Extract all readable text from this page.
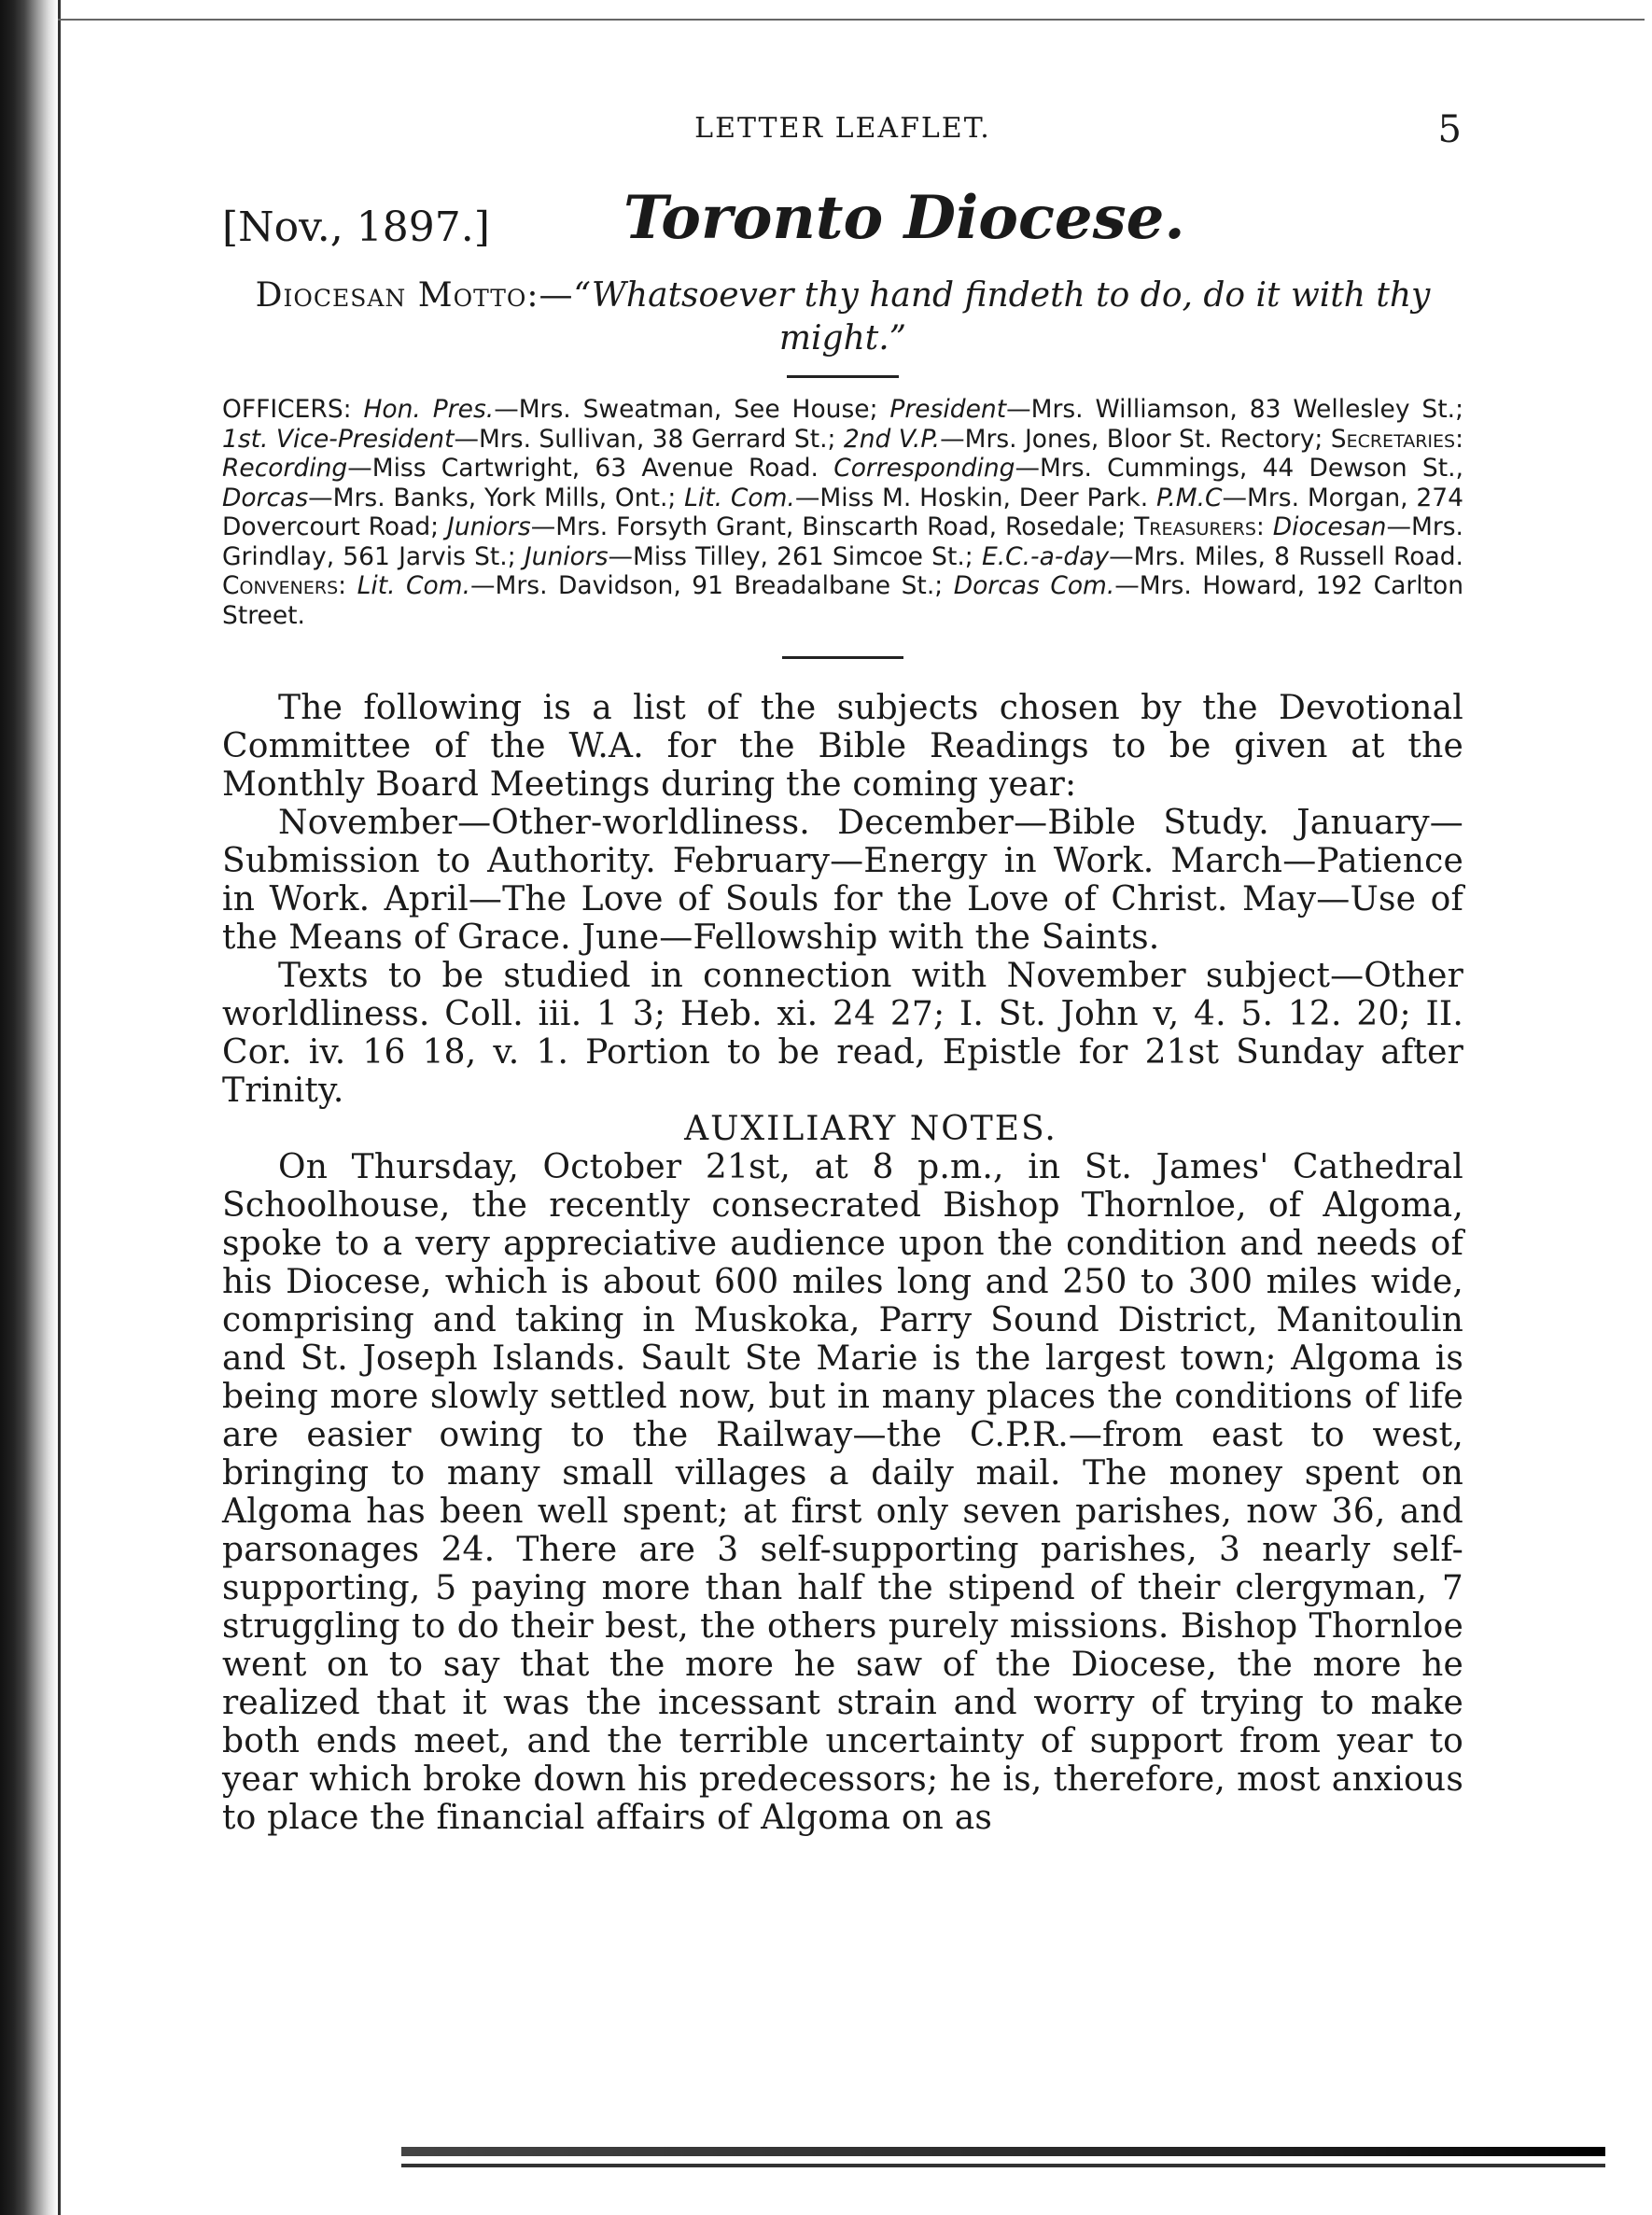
LETTER LEAFLET.	5
[Nov., 1897.] Toronto Diocese.
Diocesan Motto:—“Whatsoever thy hand findeth to do, do it with thy might.”
OFFICERS: Hon. Pres.—Mrs. Sweatman, See House; President—Mrs. Williamson, 83 Wellesley St.; 1st. Vice-President—Mrs. Sullivan, 38 Gerrard St.; 2nd V.P.—Mrs. Jones, Bloor St. Rectory; Secretaries: Recording—Miss Cartwright, 63 Avenue Road. Corresponding—Mrs. Cummings, 44 Dewson St., Dorcas—Mrs. Banks, York Mills, Ont.; Lit. Com.—Miss M. Hoskin, Deer Park. P.M.C—Mrs. Morgan, 274 Dovercourt Road; Juniors—Mrs. Forsyth Grant, Binscarth Road, Rosedale; Treasurers: Diocesan—Mrs. Grindlay, 561 Jarvis St.; Juniors—Miss Tilley, 261 Simcoe St.; E.C.-a-day—Mrs. Miles, 8 Russell Road. Conveners: Lit. Com.—Mrs. Davidson, 91 Breadalbane St.; Dorcas Com.—Mrs. Howard, 192 Carlton Street.

The following is a list of the subjects chosen by the Devotional Committee of the W.A. for the Bible Readings to be given at the Monthly Board Meetings during the coming year:

November—Other-worldliness. December—Bible Study. January—Submission to Authority. February—Energy in Work. March—Patience in Work. April—The Love of Souls for the Love of Christ. May—Use of the Means of Grace. June—Fellowship with the Saints.

Texts to be studied in connection with November subject—Other worldliness. Coll. iii. 1 3; Heb. xi. 24 27; I. St. John v, 4. 5. 12. 20; II. Cor. iv. 16 18, v. 1. Portion to be read, Epistle for 21st Sunday after Trinity.

AUXILIARY NOTES.

On Thursday, October 21st, at 8 p.m., in St. James' Cathedral Schoolhouse, the recently consecrated Bishop Thornloe, of Algoma, spoke to a very appreciative audience upon the condition and needs of his Diocese, which is about 600 miles long and 250 to 300 miles wide, comprising and taking in Muskoka, Parry Sound District, Manitoulin and St. Joseph Islands. Sault Ste Marie is the largest town; Algoma is being more slowly settled now, but in many places the conditions of life are easier owing to the Railway—the C.P.R.—from east to west, bringing to many small villages a daily mail. The money spent on Algoma has been well spent; at first only seven parishes, now 36, and parsonages 24. There are 3 self-supporting parishes, 3 nearly self-supporting, 5 paying more than half the stipend of their clergyman, 7 struggling to do their best, the others purely missions. Bishop Thornloe went on to say that the more he saw of the Diocese, the more he realized that it was the incessant strain and worry of trying to make both ends meet, and the terrible uncertainty of support from year to year which broke down his predecessors; he is, therefore, most anxious to place the financial affairs of Algoma on as
